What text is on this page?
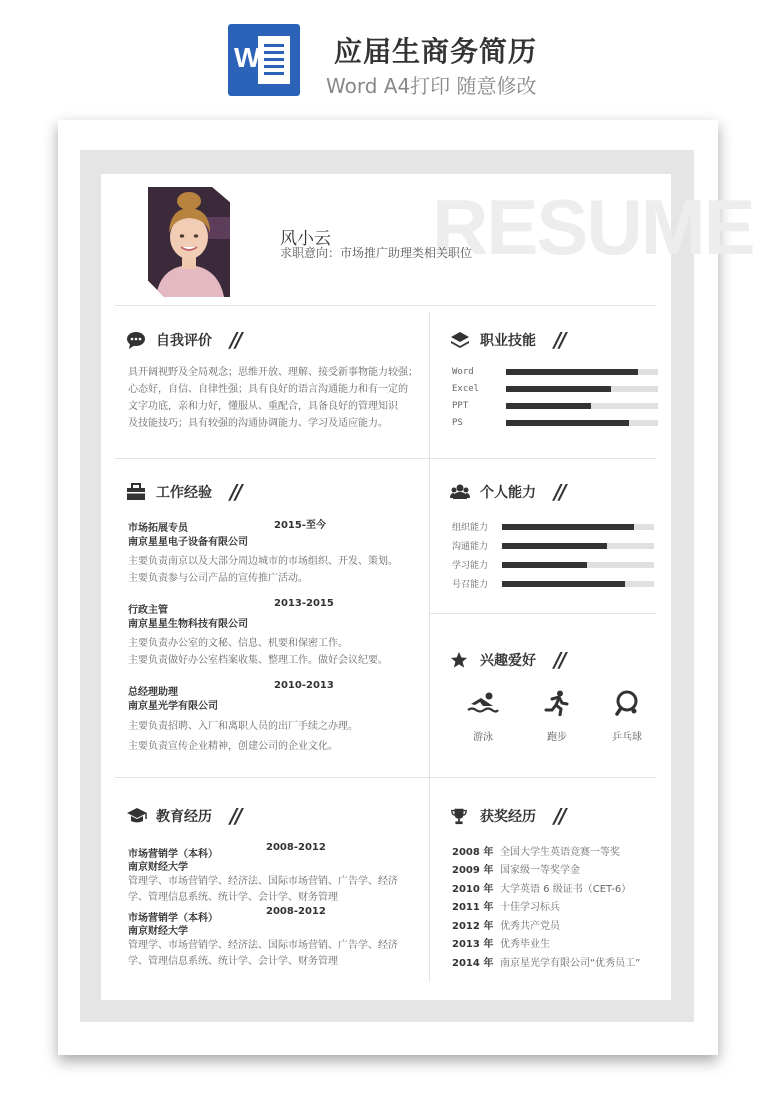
W	应届生商务简历
Word A4打印 随意修改
RESUME
风小云
求职意向：市场推广助理类相关职位
自我评价 //
具开阔视野及全局观念；思维开放、理解、接受新事物能力较强；
心态好，自信、自律性强；具有良好的语言沟通能力和有一定的
文字功底，亲和力好，懂服从、重配合，具备良好的管理知识
及技能技巧；具有较强的沟通协调能力、学习及适应能力。
职业技能 //
Word
Excel
PPT
PS
工作经验 //
市场拓展专员	2015-至今
南京星星电子设备有限公司
主要负责南京以及大部分周边城市的市场组织、开发、策划。
主要负责参与公司产品的宣传推广活动。
行政主管
2013-2015
南京星星生物科技有限公司
主要负责办公室的文秘、信息、机要和保密工作。
主要负责做好办公室档案收集、整理工作。做好会议纪要。
总经理助理
2010-2013
南京星光学有限公司
主要负责招聘、入厂和离职人员的出厂手续之办理。
主要负责宣传企业精神，创建公司的企业文化。
个人能力 //
组织能力
沟通能力
学习能力
号召能力
兴趣爱好 //
游泳	跑步	乒乓球
教育经历 //
市场营销学（本科）
2008-2012
南京财经大学
管理学、市场营销学、经济法、国际市场营销、广告学、经济
学、管理信息系统、统计学、会计学、财务管理
市场营销学（本科）
2008-2012
南京财经大学
管理学、市场营销学、经济法、国际市场营销、广告学、经济
学、管理信息系统、统计学、会计学、财务管理
获奖经历 //
2008 年 全国大学生英语竞赛一等奖
2009 年 国家级一等奖学金
2010 年 大学英语 6 级证书（CET-6）
2011 年 十佳学习标兵
2012 年 优秀共产党员
2013 年 优秀毕业生
2014 年 南京星光学有限公司“优秀员工”
